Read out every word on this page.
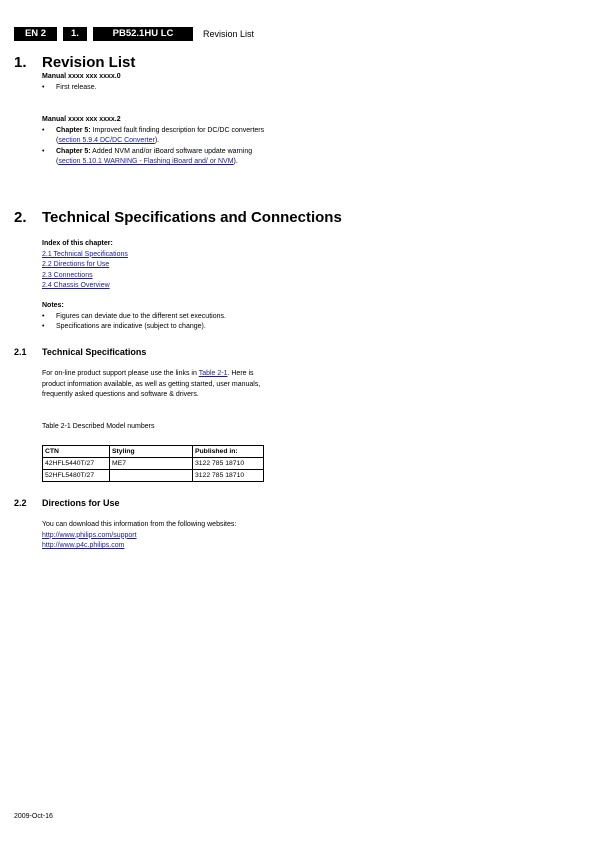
EN 2	1.	PB52.1HU LC	Revision List
1.	Revision List
Manual xxxx xxx xxxx.0
• First release.
Manual xxxx xxx xxxx.2
• Chapter 5: Improved fault finding description for DC/DC converters (section 5.9.4 DC/DC Converter).
• Chapter 5: Added NVM and/or iBoard software update warning (section 5.10.1 WARNING - Flashing iBoard and/ or NVM).
2.	Technical Specifications and Connections
Index of this chapter:
2.1 Technical Specifications
2.2 Directions for Use
2.3 Connections
2.4 Chassis Overview
Notes:
• Figures can deviate due to the different set executions.
• Specifications are indicative (subject to change).
2.1	Technical Specifications
For on-line product support please use the links in Table 2-1. Here is product information available, as well as getting started, user manuals, frequently asked questions and software & drivers.
Table 2-1 Described Model numbers
CTN	Styling	Published in:
42HFL5440T/27	ME7	3122 785 18710
52HFL5480T/27		3122 785 18710
2.2	Directions for Use
You can download this information from the following websites:
http://www.philips.com/support
http://www.p4c.philips.com
2009-Oct-16
